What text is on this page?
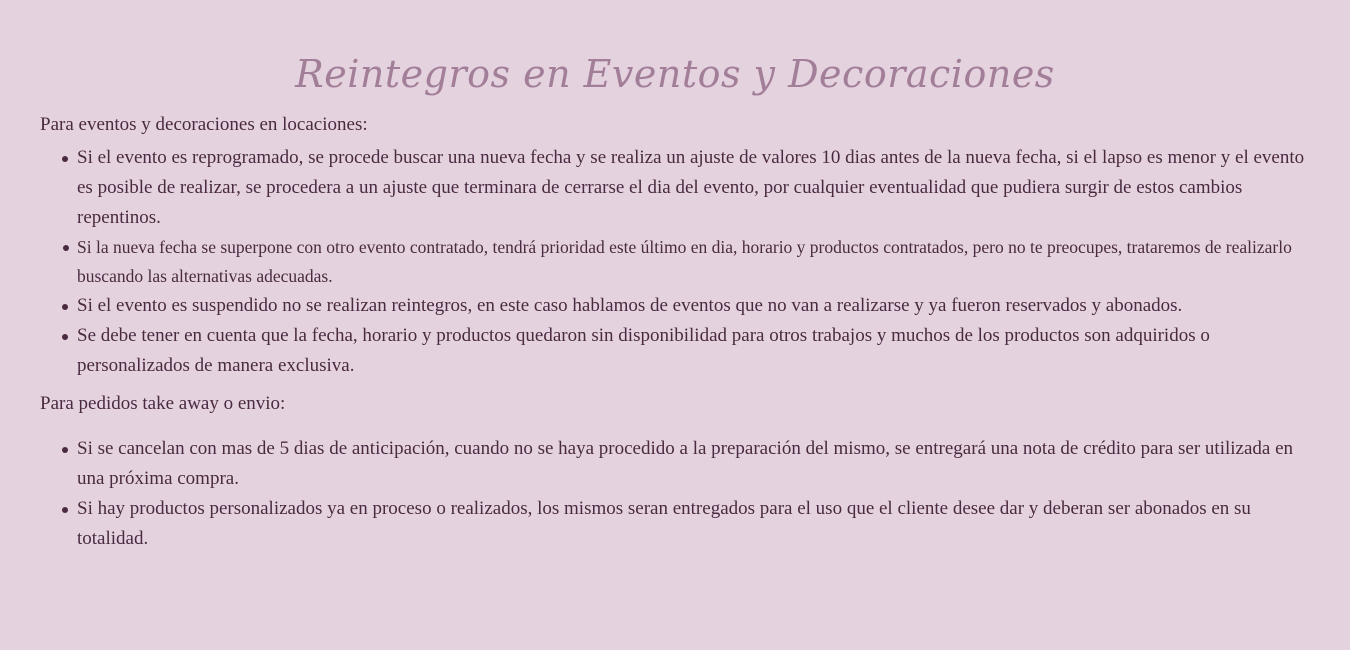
Reintegros en Eventos y Decoraciones

Para eventos y decoraciones en locaciones:

Si el evento es reprogramado, se procede buscar una nueva fecha y se realiza un ajuste de valores 10 dias antes de la nueva fecha, si el lapso es menor y el evento es posible de realizar, se procedera a un ajuste que terminara de cerrarse el dia del evento, por cualquier eventualidad que pudiera surgir de estos cambios repentinos.
Si la nueva fecha se superpone con otro evento contratado, tendrá prioridad este último en dia, horario y productos contratados, pero no te preocupes, trataremos de realizarlo buscando las alternativas adecuadas.
Si el evento es suspendido no se realizan reintegros, en este caso hablamos de eventos que no van a realizarse y ya fueron reservados y abonados.
Se debe tener en cuenta que la fecha, horario y productos quedaron sin disponibilidad para otros trabajos y muchos de los productos son adquiridos o personalizados de manera exclusiva.

Para pedidos take away o envio:

Si se cancelan con mas de 5 dias de anticipación, cuando no se haya procedido a la preparación del mismo, se entregará una nota de crédito para ser utilizada en una próxima compra.
Si hay productos personalizados ya en proceso o realizados, los mismos seran entregados para el uso que el cliente desee dar y deberan ser abonados en su totalidad.
